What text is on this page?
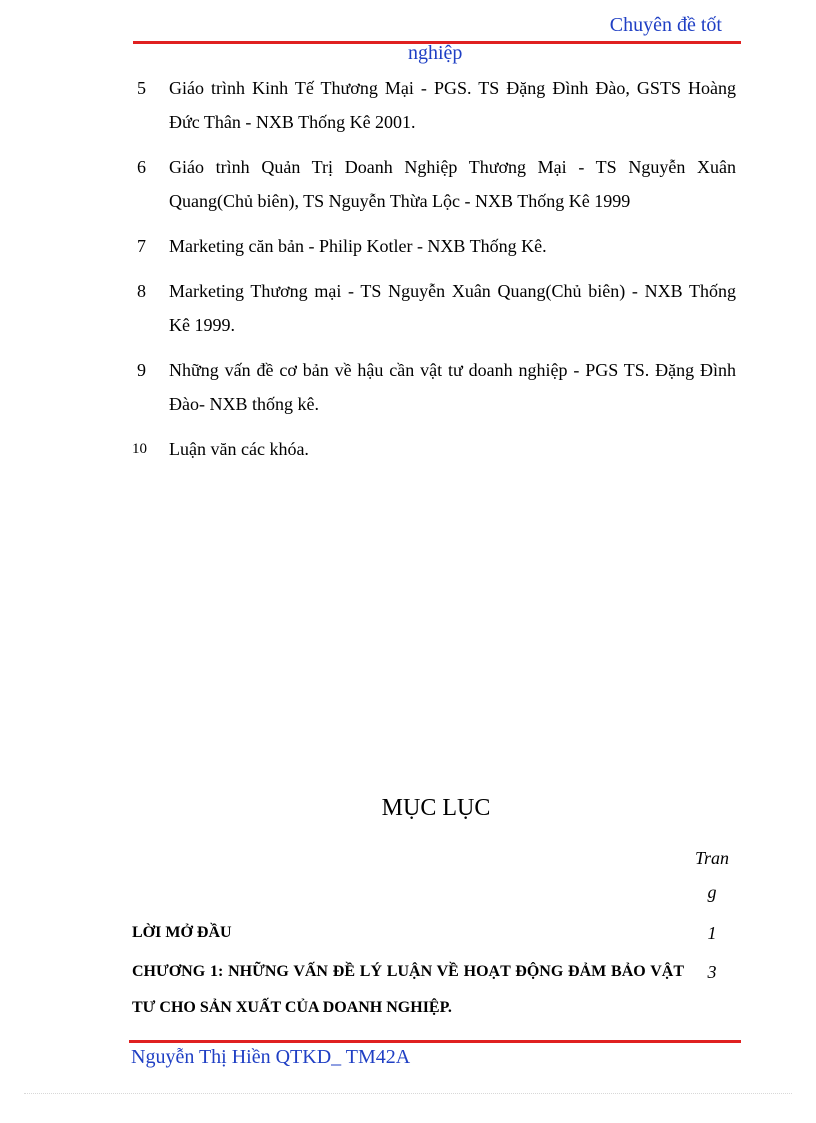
Chuyên đề tốt
nghiệp
5 Giáo trình Kinh Tế Thương Mại - PGS. TS Đặng Đình Đào, GSTS Hoàng Đức Thân - NXB Thống Kê 2001.
6 Giáo trình Quản Trị Doanh Nghiệp Thương Mại - TS Nguyễn Xuân Quang(Chủ biên), TS Nguyễn Thừa Lộc - NXB Thống Kê 1999
7 Marketing căn bản - Philip Kotler - NXB Thống Kê.
8 Marketing Thương mại - TS Nguyễn Xuân Quang(Chủ biên) - NXB Thống Kê 1999.
9 Những vấn đề cơ bản về hậu cần vật tư doanh nghiệp - PGS TS. Đặng Đình Đào- NXB thống kê.
10 Luận văn các khóa.
MỤC LỤC
Tran
g
LỜI MỞ ĐẦU	1
CHƯƠNG 1: NHỮNG VẤN ĐỀ LÝ LUẬN VỀ HOẠT ĐỘNG ĐẢM BẢO VẬT TƯ CHO SẢN XUẤT CỦA DOANH NGHIỆP.
3
Nguyễn Thị Hiền QTKD_ TM42A
